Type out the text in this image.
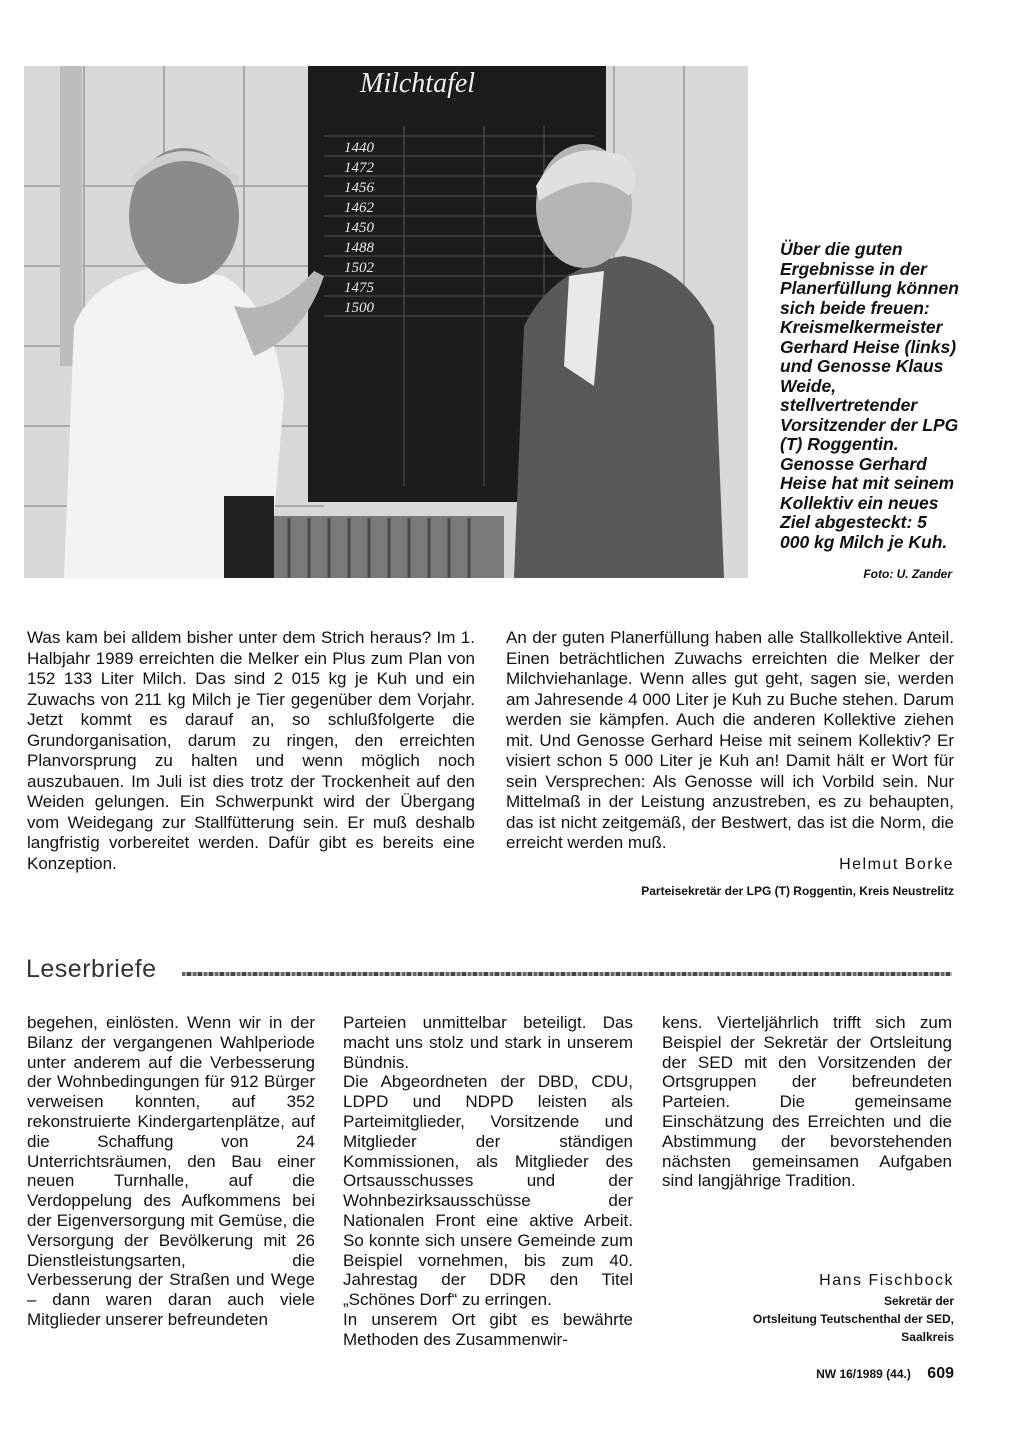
Milchtafel
1440
1472
1456
1462
1450
1488
1502
1475
1500

Über die guten Ergebnisse in der Planerfüllung können sich beide freuen: Kreismelkermeister Gerhard Heise (links) und Genosse Klaus Weide, stellvertretender Vorsitzender der LPG (T) Roggentin. Genosse Gerhard Heise hat mit seinem Kollektiv ein neues Ziel abgesteckt: 5 000 kg Milch je Kuh.

Foto: U. Zander

Was kam bei alldem bisher unter dem Strich heraus? Im 1. Halbjahr 1989 erreichten die Melker ein Plus zum Plan von 152 133 Liter Milch. Das sind 2 015 kg je Kuh und ein Zuwachs von 211 kg Milch je Tier gegenüber dem Vorjahr. Jetzt kommt es darauf an, so schlußfolgerte die Grundorganisation, darum zu ringen, den erreichten Planvorsprung zu halten und wenn möglich noch auszubauen. Im Juli ist dies trotz der Trockenheit auf den Weiden gelungen. Ein Schwerpunkt wird der Übergang vom Weidegang zur Stallfütterung sein. Er muß deshalb langfristig vorbereitet werden. Dafür gibt es bereits eine Konzeption.

An der guten Planerfüllung haben alle Stallkollektive Anteil. Einen beträchtlichen Zuwachs erreichten die Melker der Milchviehanlage. Wenn alles gut geht, sagen sie, werden am Jahresende 4 000 Liter je Kuh zu Buche stehen. Darum werden sie kämpfen. Auch die anderen Kollektive ziehen mit. Und Genosse Gerhard Heise mit seinem Kollektiv? Er visiert schon 5 000 Liter je Kuh an! Damit hält er Wort für sein Versprechen: Als Genosse will ich Vorbild sein. Nur Mittelmaß in der Leistung anzustreben, es zu behaupten, das ist nicht zeitgemäß, der Bestwert, das ist die Norm, die erreicht werden muß.

Helmut Borke
Parteisekretär der LPG (T) Roggentin, Kreis Neustrelitz
Leserbriefe

begehen, einlösten. Wenn wir in der Bilanz der vergangenen Wahlperiode unter anderem auf die Verbesserung der Wohnbedingungen für 912 Bürger verweisen konnten, auf 352 rekonstruierte Kindergartenplätze, auf die Schaffung von 24 Unterrichtsräumen, den Bau einer neuen Turnhalle, auf die Verdoppelung des Aufkommens bei der Eigenversorgung mit Gemüse, die Versorgung der Bevölkerung mit 26 Dienstleistungsarten, die Verbesserung der Straßen und Wege – dann waren daran auch viele Mitglieder unserer befreundeten

Parteien unmittelbar beteiligt. Das macht uns stolz und stark in unserem Bündnis.

Die Abgeordneten der DBD, CDU, LDPD und NDPD leisten als Parteimitglieder, Vorsitzende und Mitglieder der ständigen Kommissionen, als Mitglieder des Ortsausschusses und der Wohnbezirksausschüsse der Nationalen Front eine aktive Arbeit. So konnte sich unsere Gemeinde zum Beispiel vornehmen, bis zum 40. Jahrestag der DDR den Titel „Schönes Dorf“ zu erringen.

In unserem Ort gibt es bewährte Methoden des Zusammenwir-

kens. Vierteljährlich trifft sich zum Beispiel der Sekretär der Ortsleitung der SED mit den Vorsitzenden der Ortsgruppen der befreundeten Parteien. Die gemeinsame Einschätzung des Erreichten und die Abstimmung der bevorstehenden nächsten gemeinsamen Aufgaben sind langjährige Tradition.

Hans Fischbock
Sekretär der
Ortsleitung Teutschenthal der SED,
Saalkreis
NW 16/1989 (44.) 609
